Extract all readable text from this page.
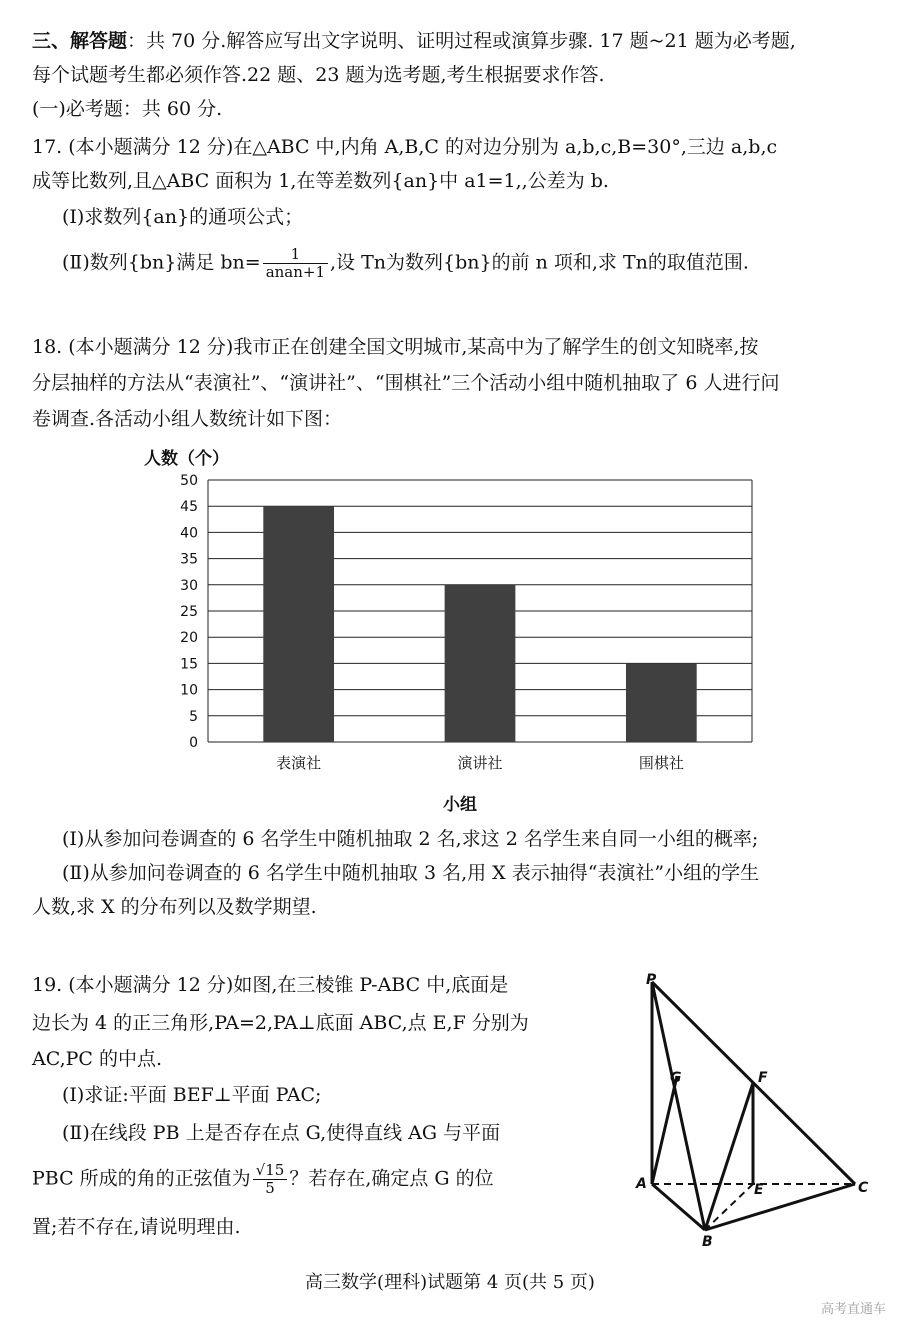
三、解答题：共 70 分.解答应写出文字说明、证明过程或演算步骤. 17 题~21 题为必考题,
每个试题考生都必须作答.22 题、23 题为选考题,考生根据要求作答.
(一)必考题：共 60 分.
17. (本小题满分 12 分)在△ABC 中,内角 A,B,C 的对边分别为 a,b,c,B=30°,三边 a,b,c
成等比数列,且△ABC 面积为 1,在等差数列{an}中 a1=1,,公差为 b.
(Ⅰ)求数列{an}的通项公式；
(Ⅱ)数列{bn}满足 $bn= \frac{1}{\text{anan+1}}$ ,设 Tn为数列{bn}的前 n 项和,求 Tn的取值范围.
18. (本小题满分 12 分)我市正在创建全国文明城市,某高中为了解学生的创文知晓率,按
分层抽样的方法从“表演社”、“演讲社”、“围棋社”三个活动小组中随机抽取了 6 人进行问
卷调查.各活动小组人数统计如下图：
人数（个）
0
5
10
15
20
25
30
35
40
45
50
表演社	演讲社	围棋社
小组
(Ⅰ)从参加问卷调查的 6 名学生中随机抽取 2 名,求这 2 名学生来自同一小组的概率;
(Ⅱ)从参加问卷调查的 6 名学生中随机抽取 3 名,用 X 表示抽得“表演社”小组的学生
人数,求 X 的分布列以及数学期望.
19. (本小题满分 12 分)如图,在三棱锥 P-ABC 中,底面是
边长为 4 的正三角形,PA=2,PA⊥底面 ABC,点 E,F 分别为
AC,PC 的中点.
(Ⅰ)求证:平面 BEF⊥平面 PAC;
(Ⅱ)在线段 PB 上是否存在点 G,使得直线 AG 与平面
PBC 所成的角的正弦值为 $\frac{√15}{5}$ ？若存在,确定点 G 的位
置;若不存在,请说明理由.
P
G	F
A	E	C
B
高三数学(理科)试题第 4 页(共 5 页)
高考直通车
